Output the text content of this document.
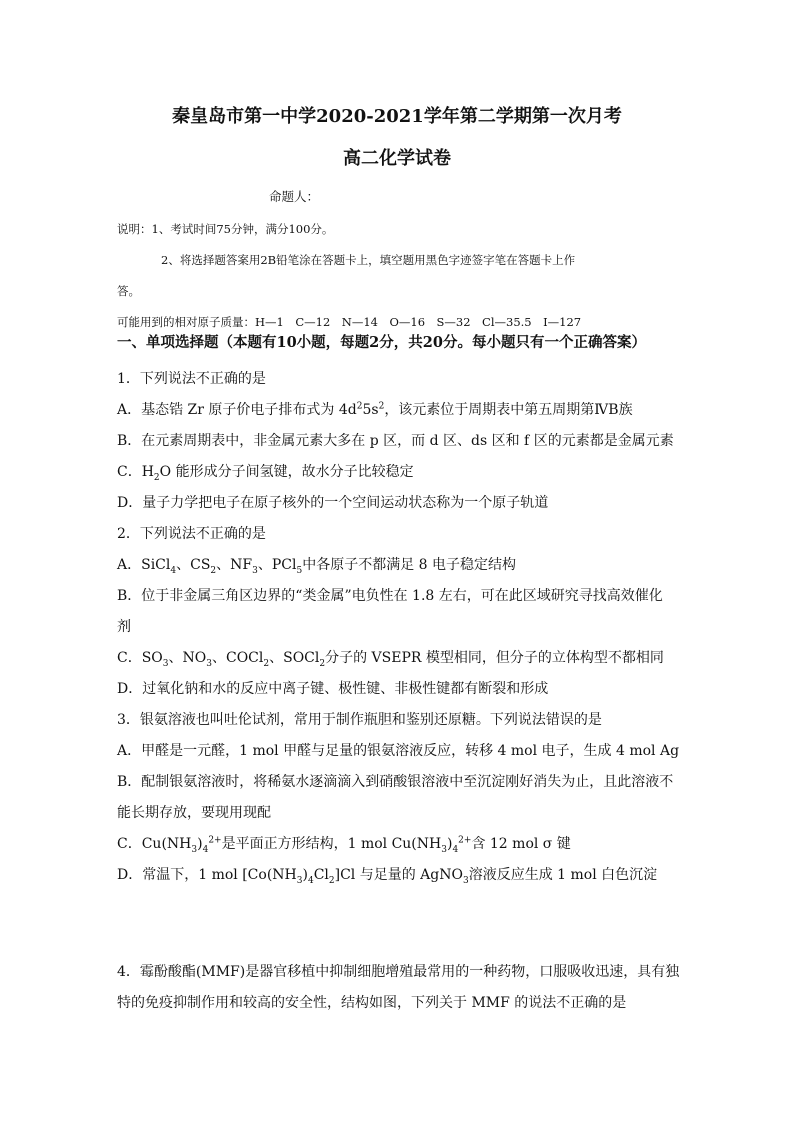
秦皇岛市第一中学2020-2021学年第二学期第一次月考
高二化学试卷
命题人：
说明：1、考试时间75分钟，满分100分。
2、将选择题答案用2B铅笔涂在答题卡上，填空题用黑色字迹签字笔在答题卡上作
答。
可能用到的相对原子质量：H—1　C—12　N—14　O—16　S—32　Cl—35.5　I—127
一、单项选择题（本题有10小题，每题2分，共20分。每小题只有一个正确答案）
1．下列说法不正确的是
A．基态锆 Zr 原子价电子排布式为 $4d^25s^2$，该元素位于周期表中第五周期第ⅣB族
B．在元素周期表中，非金属元素大多在 p 区，而 d 区、ds 区和 f 区的元素都是金属元素
C．$H_2O$ 能形成分子间氢键，故水分子比较稳定
D．量子力学把电子在原子核外的一个空间运动状态称为一个原子轨道
2．下列说法不正确的是
A．SiCl$_4$、$CS_2$、$NF_3$、PCl$_5$中各原子不都满足 8 电子稳定结构
B．位于非金属三角区边界的“类金属”电负性在 1.8 左右，可在此区域研究寻找高效催化
剂
C．$SO_3$、$NO_3$、COCl$_2$、SOCl$_2$分子的 VSEPR 模型相同，但分子的立体构型不都相同
D．过氧化钠和水的反应中离子键、极性键、非极性键都有断裂和形成
3．银氨溶液也叫吐伦试剂，常用于制作瓶胆和鉴别还原糖。下列说法错误的是
A．甲醛是一元醛，1 mol 甲醛与足量的银氨溶液反应，转移 4 mol 电子，生成 4 mol Ag
B．配制银氨溶液时，将稀氨水逐滴滴入到硝酸银溶液中至沉淀刚好消失为止，且此溶液不
能长期存放，要现用现配
C．$Cu(NH_3)_4^{2+}$是平面正方形结构，1 mol $Cu(NH_3)_4^{2+}$含 12 mol σ 键
D．常温下，1 mol $[Co(NH_3)_4Cl_2]Cl$ 与足量的 AgNO$_3$溶液反应生成 1 mol 白色沉淀
4．霉酚酸酯(MMF)是器官移植中抑制细胞增殖最常用的一种药物，口服吸收迅速，具有独
特的免疫抑制作用和较高的安全性，结构如图，下列关于 MMF 的说法不正确的是
